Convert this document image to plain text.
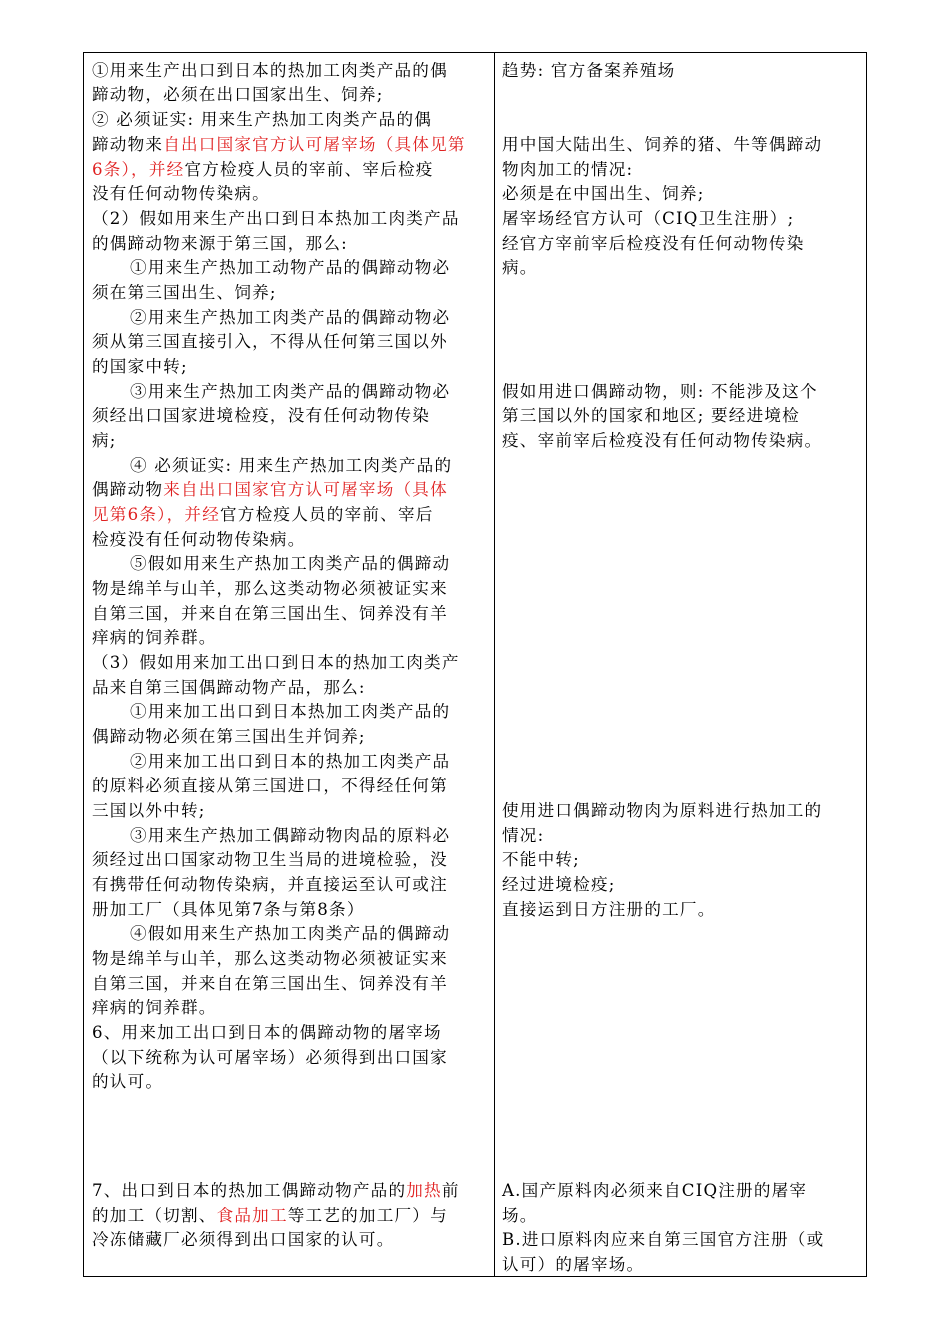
①用来生产出口到日本的热加工肉类产品的偶
蹄动物，必须在出口国家出生、饲养;
② 必须证实: 用来生产热加工肉类产品的偶
蹄动物来自出口国家官方认可屠宰场（具体见第
6条），并经官方检疫人员的宰前、宰后检疫
没有任何动物传染病。
（2）假如用来生产出口到日本热加工肉类产品
的偶蹄动物来源于第三国，那么:
①用来生产热加工动物产品的偶蹄动物必
须在第三国出生、饲养;
②用来生产热加工肉类产品的偶蹄动物必
须从第三国直接引入，不得从任何第三国以外
的国家中转;
③用来生产热加工肉类产品的偶蹄动物必
须经出口国家进境检疫，没有任何动物传染
病;
④ 必须证实: 用来生产热加工肉类产品的
偶蹄动物来自出口国家官方认可屠宰场（具体
见第6条），并经官方检疫人员的宰前、宰后
检疫没有任何动物传染病。
⑤假如用来生产热加工肉类产品的偶蹄动
物是绵羊与山羊，那么这类动物必须被证实来
自第三国，并来自在第三国出生、饲养没有羊
痒病的饲养群。
（3）假如用来加工出口到日本的热加工肉类产
品来自第三国偶蹄动物产品，那么:
①用来加工出口到日本热加工肉类产品的
偶蹄动物必须在第三国出生并饲养;
②用来加工出口到日本的热加工肉类产品
的原料必须直接从第三国进口，不得经任何第
三国以外中转;
③用来生产热加工偶蹄动物肉品的原料必
须经过出口国家动物卫生当局的进境检验，没
有携带任何动物传染病，并直接运至认可或注
册加工厂（具体见第7条与第8条）
④假如用来生产热加工肉类产品的偶蹄动
物是绵羊与山羊，那么这类动物必须被证实来
自第三国，并来自在第三国出生、饲养没有羊
痒病的饲养群。
6、用来加工出口到日本的偶蹄动物的屠宰场
（以下统称为认可屠宰场）必须得到出口国家
的认可。
7、出口到日本的热加工偶蹄动物产品的加热前
的加工（切割、食品加工等工艺的加工厂）与
冷冻储藏厂必须得到出口国家的认可。
趋势: 官方备案养殖场
用中国大陆出生、饲养的猪、牛等偶蹄动
物肉加工的情况:
必须是在中国出生、饲养;
屠宰场经官方认可（CIQ卫生注册）;
经官方宰前宰后检疫没有任何动物传染
病。
假如用进口偶蹄动物，则: 不能涉及这个
第三国以外的国家和地区; 要经进境检
疫、宰前宰后检疫没有任何动物传染病。
使用进口偶蹄动物肉为原料进行热加工的
情况:
不能中转;
经过进境检疫;
直接运到日方注册的工厂。
A.国产原料肉必须来自CIQ注册的屠宰
场。
B.进口原料肉应来自第三国官方注册（或
认可）的屠宰场。
